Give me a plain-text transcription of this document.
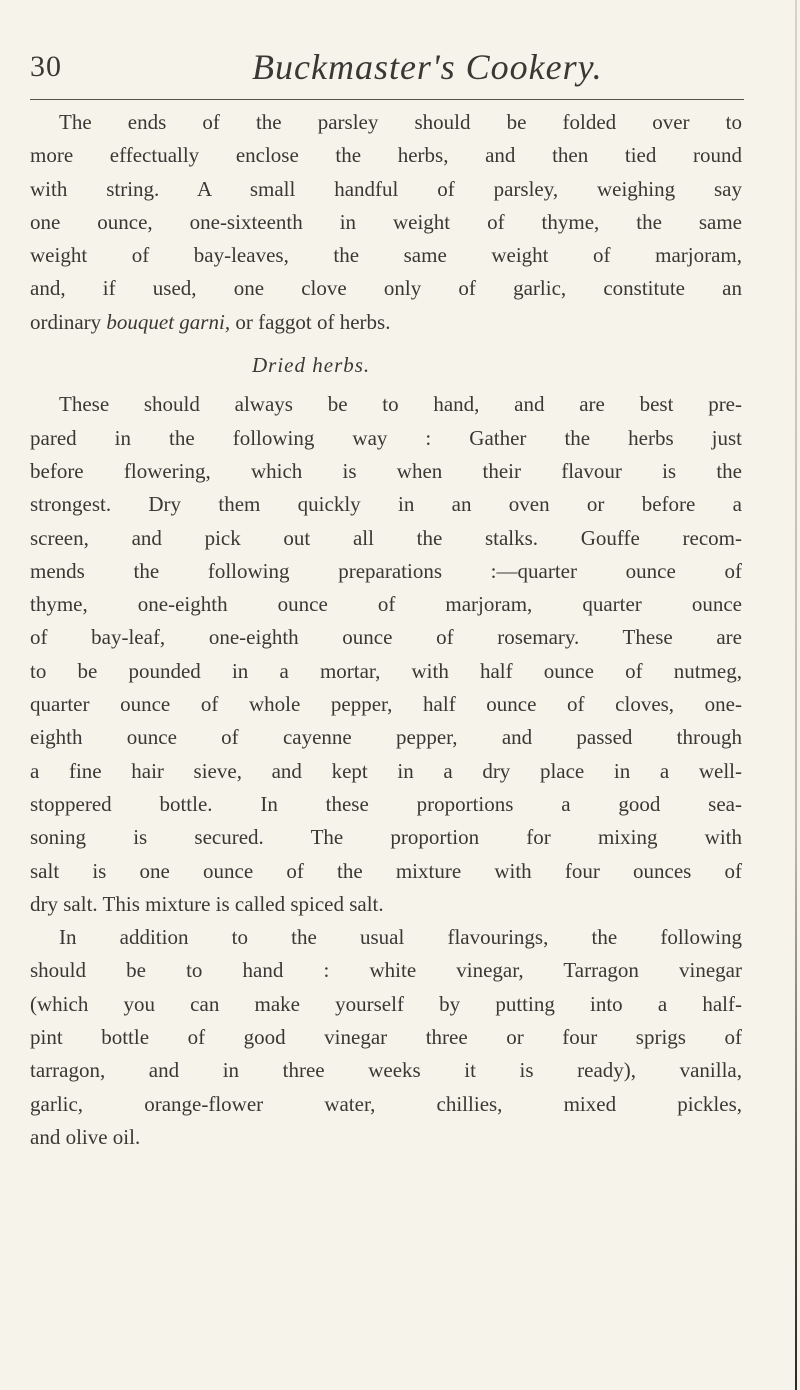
30	Buckmaster's Cookery.
The ends of the parsley should be folded over to
more effectually enclose the herbs, and then tied round
with string. A small handful of parsley, weighing say
one ounce, one-sixteenth in weight of thyme, the same
weight of bay-leaves, the same weight of marjoram,
and, if used, one clove only of garlic, constitute an
ordinary bouquet garni, or faggot of herbs.
Dried herbs.
These should always be to hand, and are best pre-
pared in the following way : Gather the herbs just
before flowering, which is when their flavour is the
strongest. Dry them quickly in an oven or before a
screen, and pick out all the stalks. Gouffe recom-
mends the following preparations :—quarter ounce of
thyme, one-eighth ounce of marjoram, quarter ounce
of bay-leaf, one-eighth ounce of rosemary. These are
to be pounded in a mortar, with half ounce of nutmeg,
quarter ounce of whole pepper, half ounce of cloves, one-
eighth ounce of cayenne pepper, and passed through
a fine hair sieve, and kept in a dry place in a well-
stoppered bottle. In these proportions a good sea-
soning is secured. The proportion for mixing with
salt is one ounce of the mixture with four ounces of
dry salt. This mixture is called spiced salt.
In addition to the usual flavourings, the following
should be to hand : white vinegar, Tarragon vinegar
(which you can make yourself by putting into a half-
pint bottle of good vinegar three or four sprigs of
tarragon, and in three weeks it is ready), vanilla,
garlic, orange-flower water, chillies, mixed pickles,
and olive oil.
